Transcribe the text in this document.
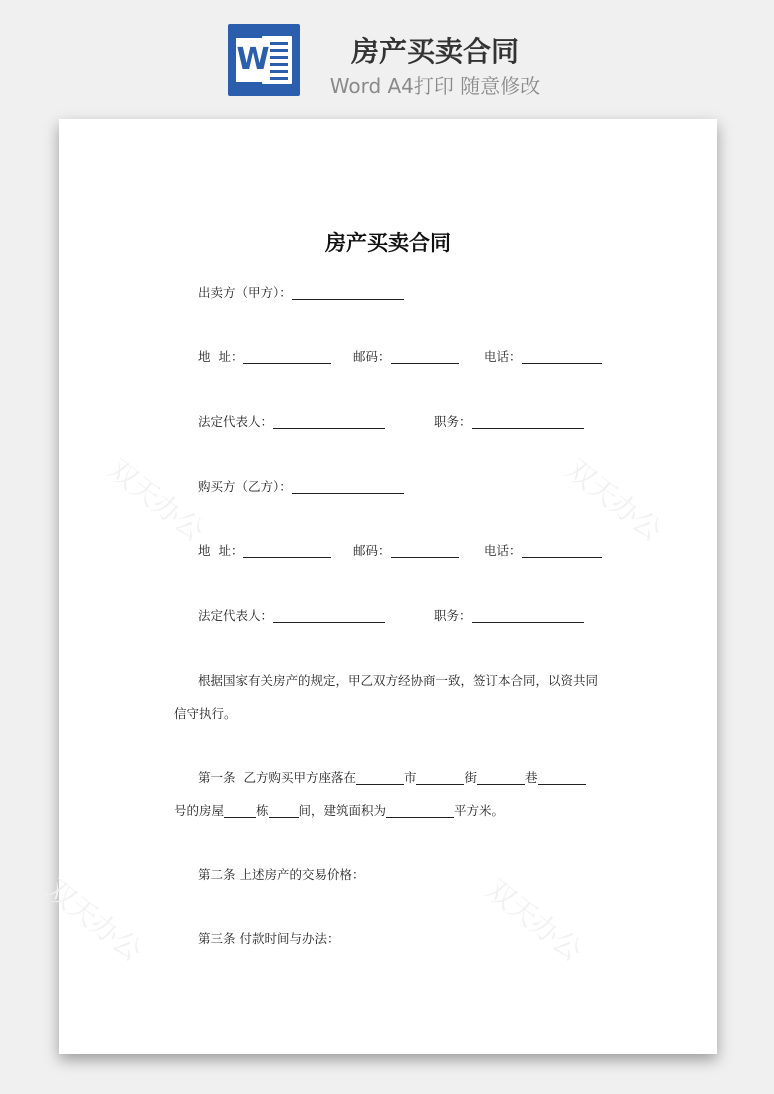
W	房产买卖合同
Word A4打印 随意修改
双天办公	双天办公
双天办公	双天办公
房产买卖合同
出卖方（甲方）：
地  址：	邮码：	电话：
法定代表人：	职务：
购买方（乙方）：
地  址：	邮码：	电话：
法定代表人：	职务：
根据国家有关房产的规定，甲乙双方经协商一致，签订本合同，以资共同
信守执行。
第一条  乙方购买甲方座落在	市	街	巷
号的房屋	栋 间，建筑面积为	平方米。
第二条 上述房产的交易价格：
第三条 付款时间与办法：
